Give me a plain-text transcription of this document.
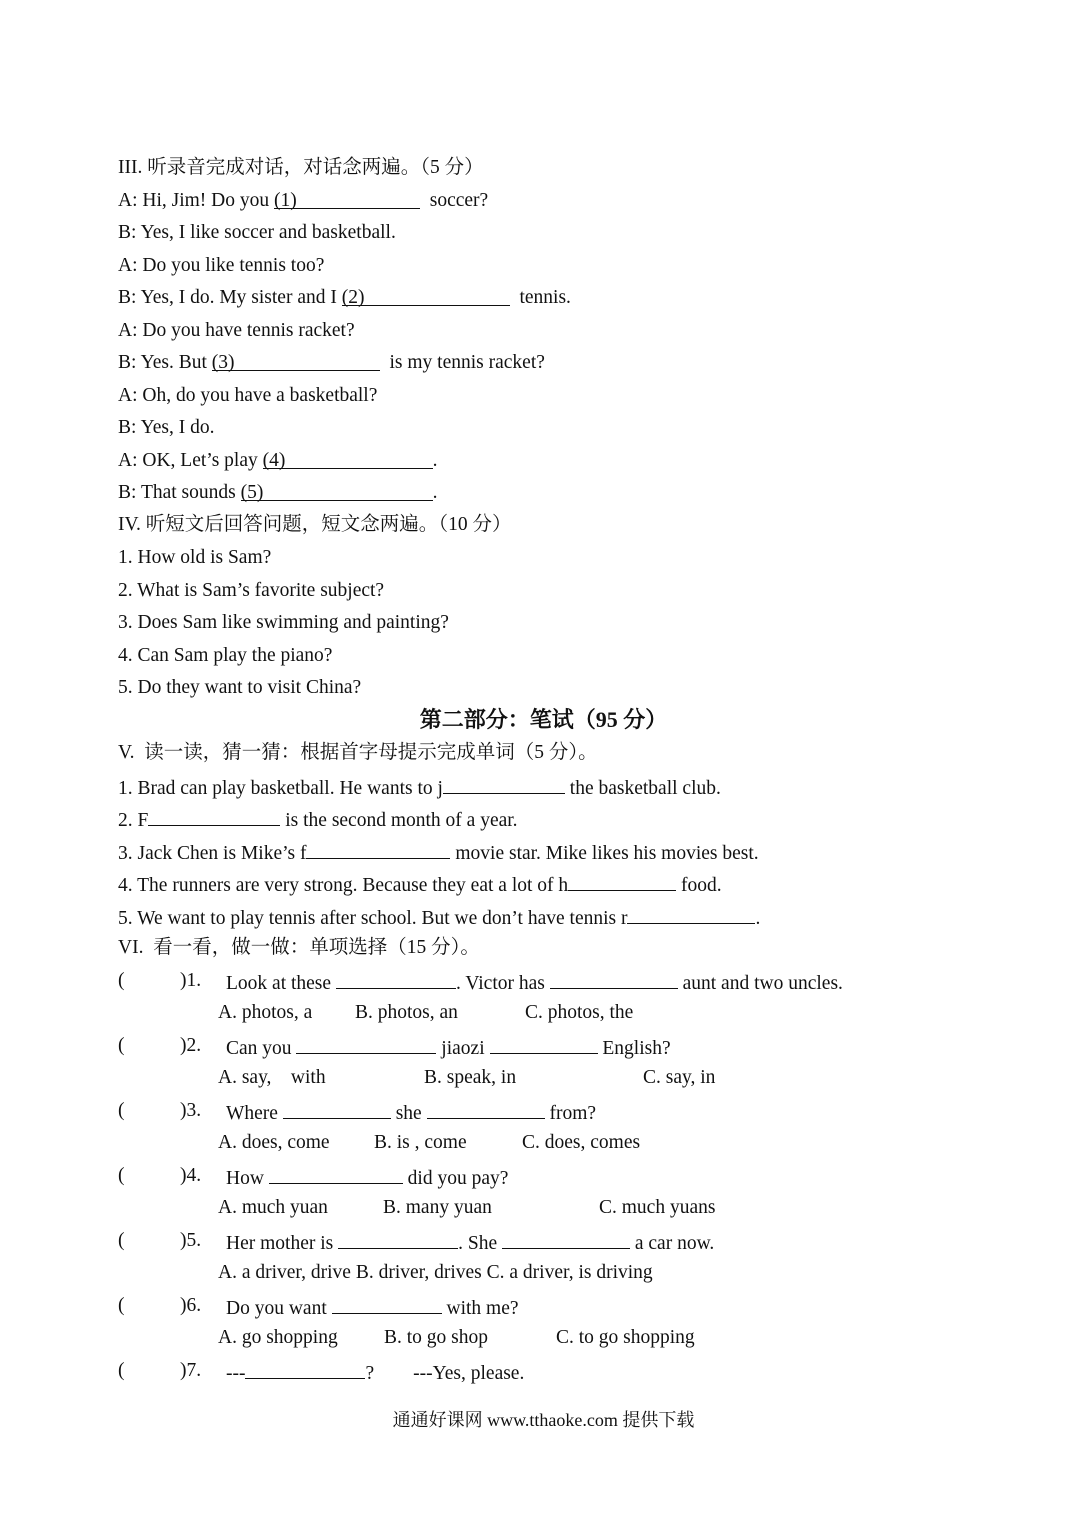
III. 听录音完成对话，对话念两遍。（5 分）
A: Hi, Jim! Do you (1)	soccer?
B: Yes, I like soccer and basketball.
A: Do you like tennis too?
B: Yes, I do. My sister and I (2)	tennis.
A: Do you have tennis racket?
B: Yes. But (3)	is my tennis racket?
A: Oh, do you have a basketball?
B: Yes, I do.
A: OK, Let’s play (4)	.
B: That sounds (5)	.
IV. 听短文后回答问题，短文念两遍。（10 分）
1. How old is Sam?
2. What is Sam’s favorite subject?
3. Does Sam like swimming and painting?
4. Can Sam play the piano?
5. Do they want to visit China?
第二部分：笔试（95 分）
V.  读一读，猜一猜：根据首字母提示完成单词（5 分）。
1. Brad can play basketball. He wants to j	the basketball club.
2. F	is the second month of a year.
3. Jack Chen is Mike’s f	movie star. Mike likes his movies best.
4. The runners are very strong. Because they eat a lot of h	food.
5. We want to play tennis after school. But we don’t have tennis r	.
VI.  看一看，做一做：单项选择（15 分）。
(	)1. Look at these	. Victor has	aunt and two uncles.
A. photos, a B. photos, an	C. photos, the
(	)2. Can you	jiaozi	English?
A. say,    with	B. speak, in	C. say, in
(	)3. Where	she	from?
A. does, come B. is , come	C. does, comes
(	)4. How	did you pay?
A. much yuan	B. many yuan	C. much yuans
(	)5. Her mother is	. She	a car now.
A. a driver, drive B. driver, drives C. a driver, is driving
(	)6. Do you want	with me?
A. go shopping B. to go shop	C. to go shopping
(	)7. ---	?        ---Yes, please.
通通好课网 www.tthaoke.com 提供下载
